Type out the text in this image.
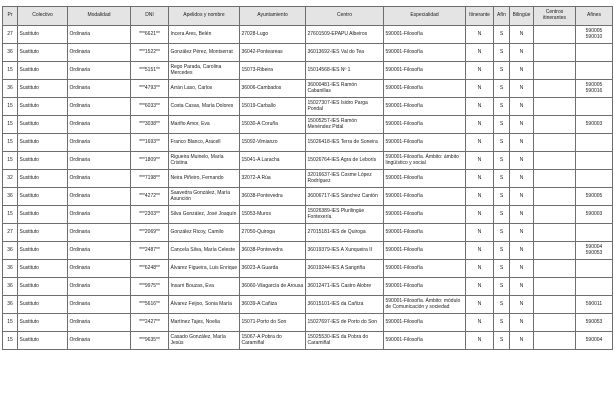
Pr	Colectivo	Modalidad	DNI	Apelidos y nombre	Ayuntamiento	Centro	Especialidad	Itinerante	Afín	Bilingüe	Centros itinerantes	Afines
27	Sustituto	Ordinaria	***6621**	Incera Ares, Belén	27028-Lugo	27601509-EPAPU Albeiros	590001-Filosofía	N	S	N		590005 590010
36	Sustituto	Ordinaria	***1522**	González Pérez, Montserrat	36042-Ponteareas	36013692-IES Val do Tea	590001-Filosofía	N	S	N		
15	Sustituto	Ordinaria	***5151**	Rego Parada, Carolina Mercedes	15073-Ribeira	15014568-IES Nº 1	590001-Filosofía	N	S	N		
36	Sustituto	Ordinaria	***4793**	Arrán Laso, Carlos	36006-Cambados	36000481-IES Ramón Cabanillas	590001-Filosofía	N	S	N		590005 590016
15	Sustituto	Ordinaria	***6033**	Costa Casas, María Dolores	15019-Carballo	15027307-IES Isidro Parga Pondal	590001-Filosofía	N	S	N		
15	Sustituto	Ordinaria	***3038**	Marifio Amor, Eva	15030-A Coruña	15005257-IES Ramón Menéndez Pidal	590001-Filosofía	N	S	N		590003
15	Sustituto	Ordinaria	***1693**	Franco Blanco, Aracell	15092-Vimianzo	15026418-IES Terra de Soneira	590001-Filosofía	N	S	N		
15	Sustituto	Ordinaria	***1809**	Rigueira Muinelo, María Cristina	15041-A Laracha	15026764-IES Agra de Leborís	590001-Filosofía. Ámbito: ámbito lingüístico y social	N	S	N		
32	Sustituto	Ordinaria	***7198**	Neira Piñeiro, Fernando	32072-A Rúa	32016637-IES Cosme López Rodríguez	590001-Filosofía	N	S	N		
36	Sustituto	Ordinaria	***4272**	Saavedra González, María Asunción	36038-Pontevedra	36006717-IES Sánchez Cantón	590001-Filosofía	N	S	N		590005
15	Sustituto	Ordinaria	***2303**	Silva González, José Joaquín	15053-Muros	15026389-IES Plurilingüe Fontexería	590001-Filosofía	N	S	N		590003
27	Sustituto	Ordinaria	***2069**	González Ricoy, Camilo	27050-Quiroga	27015181-IES de Quiroga	590001-Filosofía	N	S	N		
36	Sustituto	Ordinaria	***2487**	Cancela Silva, María Celeste	36038-Pontevedra	36019379-IES A Xunqueira II	590001-Filosofía	N	S	N		590004 590053
36	Sustituto	Ordinaria	***6248**	Álvarez Figueira, Luis Enrique	36023-A Guarda	36019244-IES A Sangriña	590001-Filosofía	N	S	N		
36	Sustituto	Ordinaria	***9975**	Insarri Bouzas, Eva	36060-Vilagarcía de Arousa	36012471-IES Castro Alobre	590001-Filosofía	N	S	N		
36	Sustituto	Ordinaria	***5616**	Álvarez Feijoo, Sonia María	36039-A Cañiza	36015101-IES da Cañiza	590001-Filosofía. Ámbito: módulo de Comunicación y sociedad	N	S	N		590011
15	Sustituto	Ordinaria	***2427**	Martínez Tajes, Noelia	15071-Porto do Son	15027697-IES de Porto do Son	590001-Filosofía	N	S	N		590053
15	Sustituto	Ordinaria	***9635**	Casado González, María Jesús	15067-A Pobra do Caramiñal	15025530-IES da Pobra do Caramiñal	590001-Filosofía	N	S	N		590004
